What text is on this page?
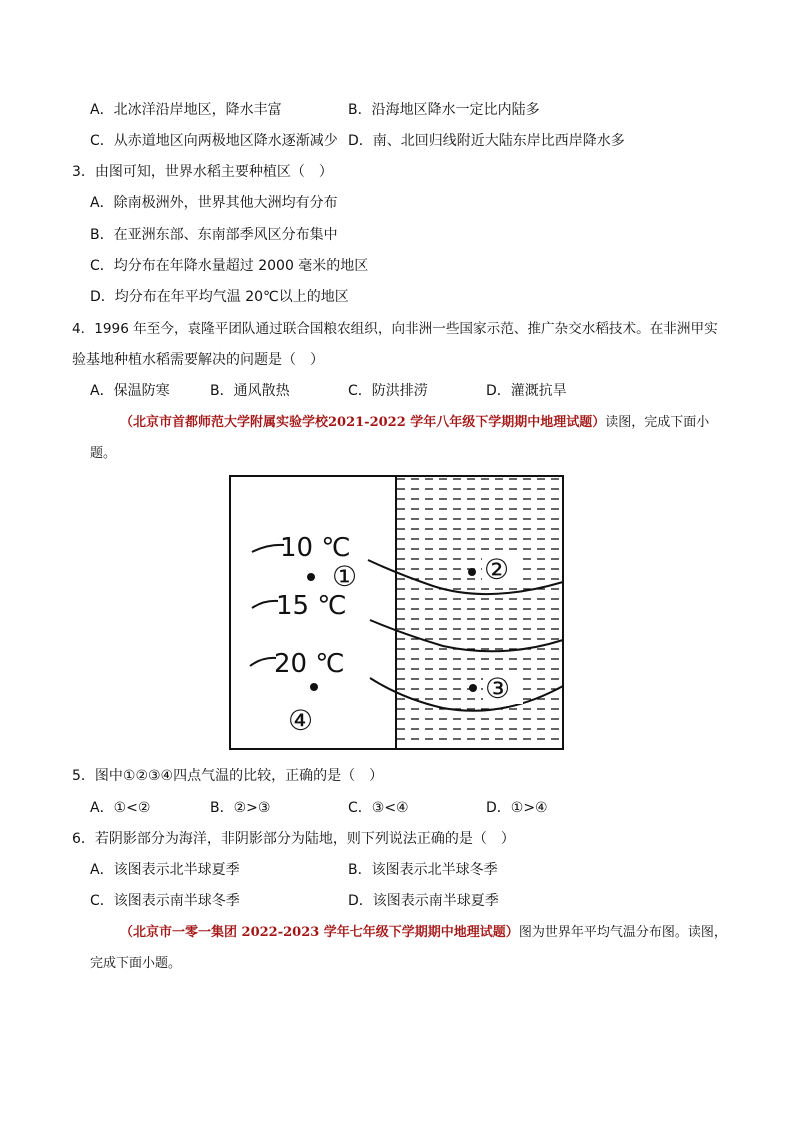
A．北冰洋沿岸地区，降水丰富	B．沿海地区降水一定比内陆多
C．从赤道地区向两极地区降水逐渐减少 D．南、北回归线附近大陆东岸比西岸降水多
3．由图可知，世界水稻主要种植区（　）
A．除南极洲外，世界其他大洲均有分布
B．在亚洲东部、东南部季风区分布集中
C．均分布在年降水量超过 2000 毫米的地区
D．均分布在年平均气温 20℃以上的地区
4．1996 年至今，袁隆平团队通过联合国粮农组织，向非洲一些国家示范、推广杂交水稻技术。在非洲甲实
验基地种植水稻需要解决的问题是（　）
A．保温防寒	B．通风散热	C．防洪排涝	D．灌溉抗旱
（北京市首都师范大学附属实验学校2021-2022 学年八年级下学期期中地理试题）读图，完成下面小
题。
10 ℃
15 ℃
20 ℃
①	②
③
④
5．图中①②③④四点气温的比较，正确的是（　）
A．①<②	B．②>③	C．③<④	D．①>④
6．若阴影部分为海洋，非阴影部分为陆地，则下列说法正确的是（　）
A．该图表示北半球夏季	B．该图表示北半球冬季
C．该图表示南半球冬季	D．该图表示南半球夏季
（北京市一零一集团 2022-2023 学年七年级下学期期中地理试题）图为世界年平均气温分布图。读图，
完成下面小题。
